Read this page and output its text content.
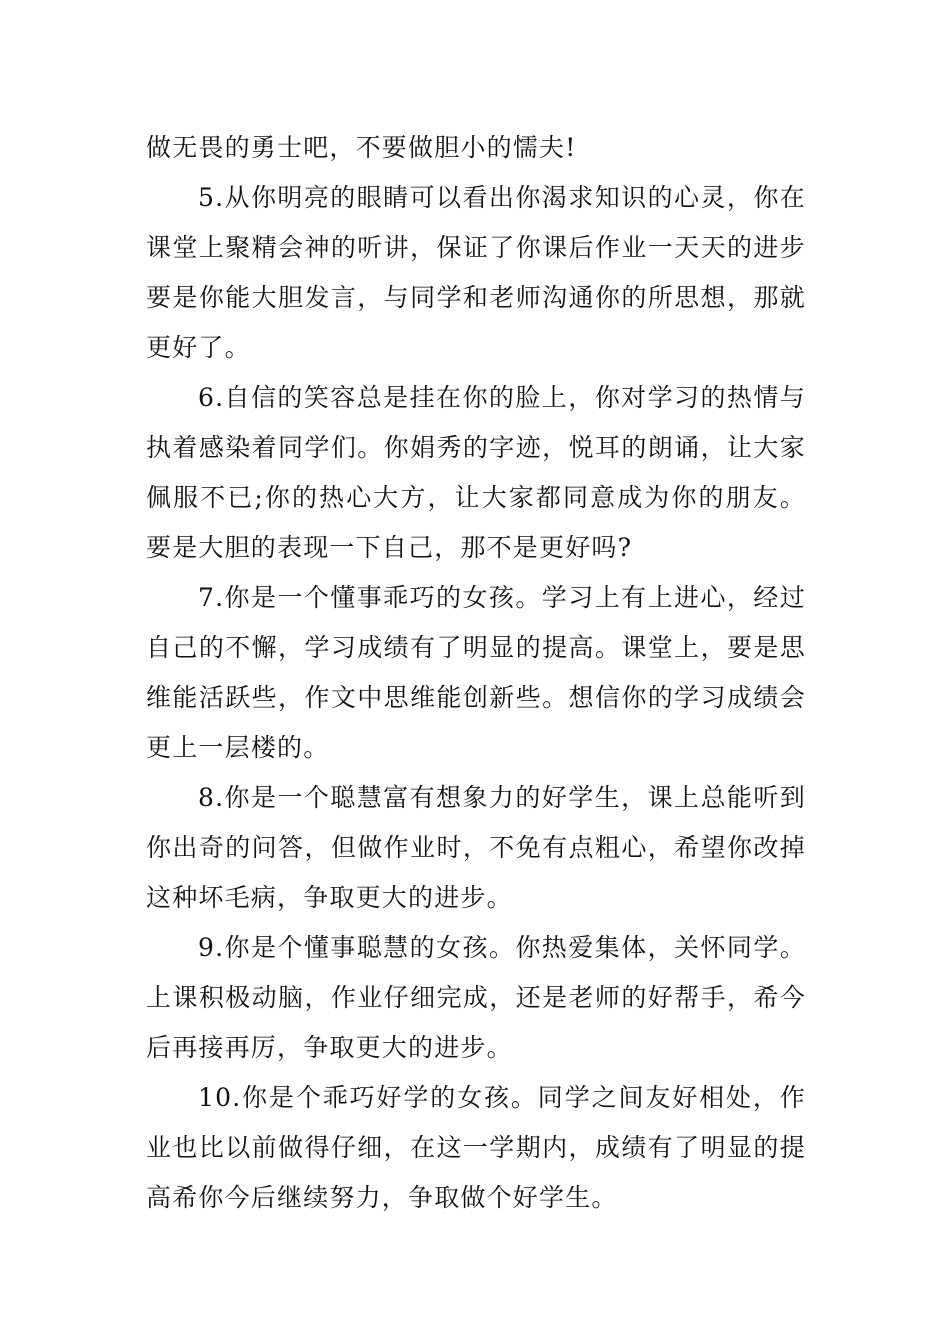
做无畏的勇士吧，不要做胆小的懦夫!

5.从你明亮的眼睛可以看出你渴求知识的心灵，你在课堂上聚精会神的听讲，保证了你课后作业一天天的进步要是你能大胆发言，与同学和老师沟通你的所思想，那就更好了。

6.自信的笑容总是挂在你的脸上，你对学习的热情与执着感染着同学们。你娟秀的字迹，悦耳的朗诵，让大家佩服不已;你的热心大方，让大家都同意成为你的朋友。要是大胆的表现一下自己，那不是更好吗?

7.你是一个懂事乖巧的女孩。学习上有上进心，经过自己的不懈，学习成绩有了明显的提高。课堂上，要是思维能活跃些，作文中思维能创新些。想信你的学习成绩会更上一层楼的。

8.你是一个聪慧富有想象力的好学生，课上总能听到你出奇的问答，但做作业时，不免有点粗心，希望你改掉这种坏毛病，争取更大的进步。

9.你是个懂事聪慧的女孩。你热爱集体，关怀同学。上课积极动脑，作业仔细完成，还是老师的好帮手，希今后再接再厉，争取更大的进步。

10.你是个乖巧好学的女孩。同学之间友好相处，作业也比以前做得仔细，在这一学期内，成绩有了明显的提高希你今后继续努力，争取做个好学生。
